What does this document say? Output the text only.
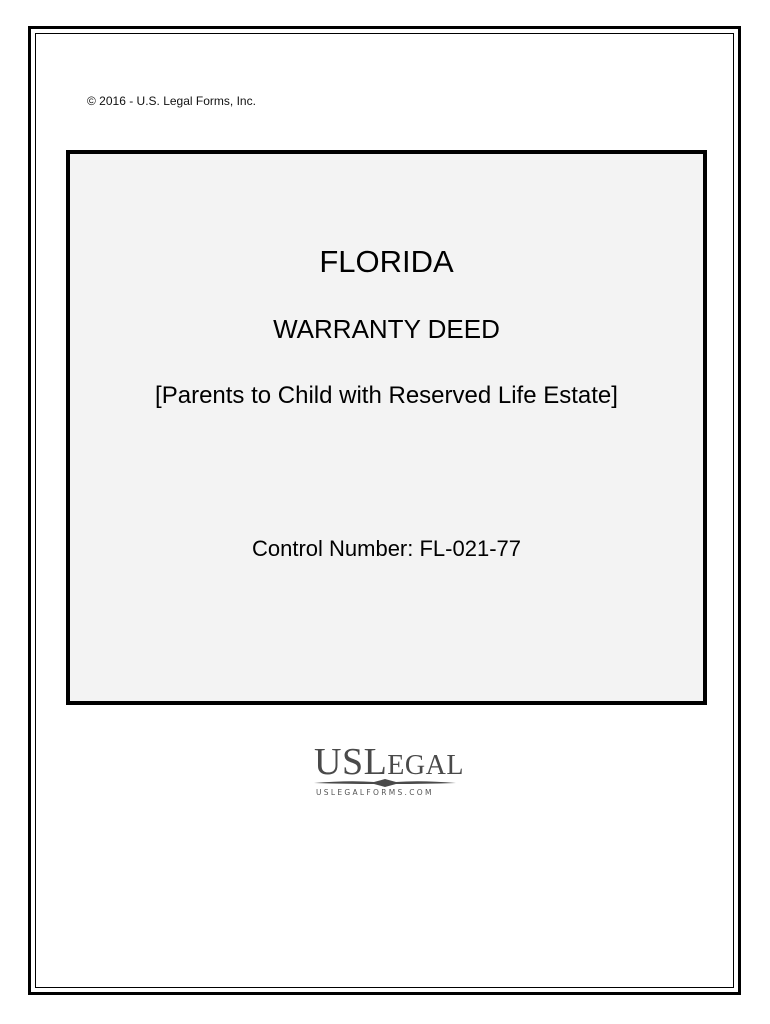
© 2016 - U.S. Legal Forms, Inc.
FLORIDA
WARRANTY DEED
[Parents to Child with Reserved Life Estate]
Control Number: FL-021-77
USLEGAL
USLEGALFORMS.COM
